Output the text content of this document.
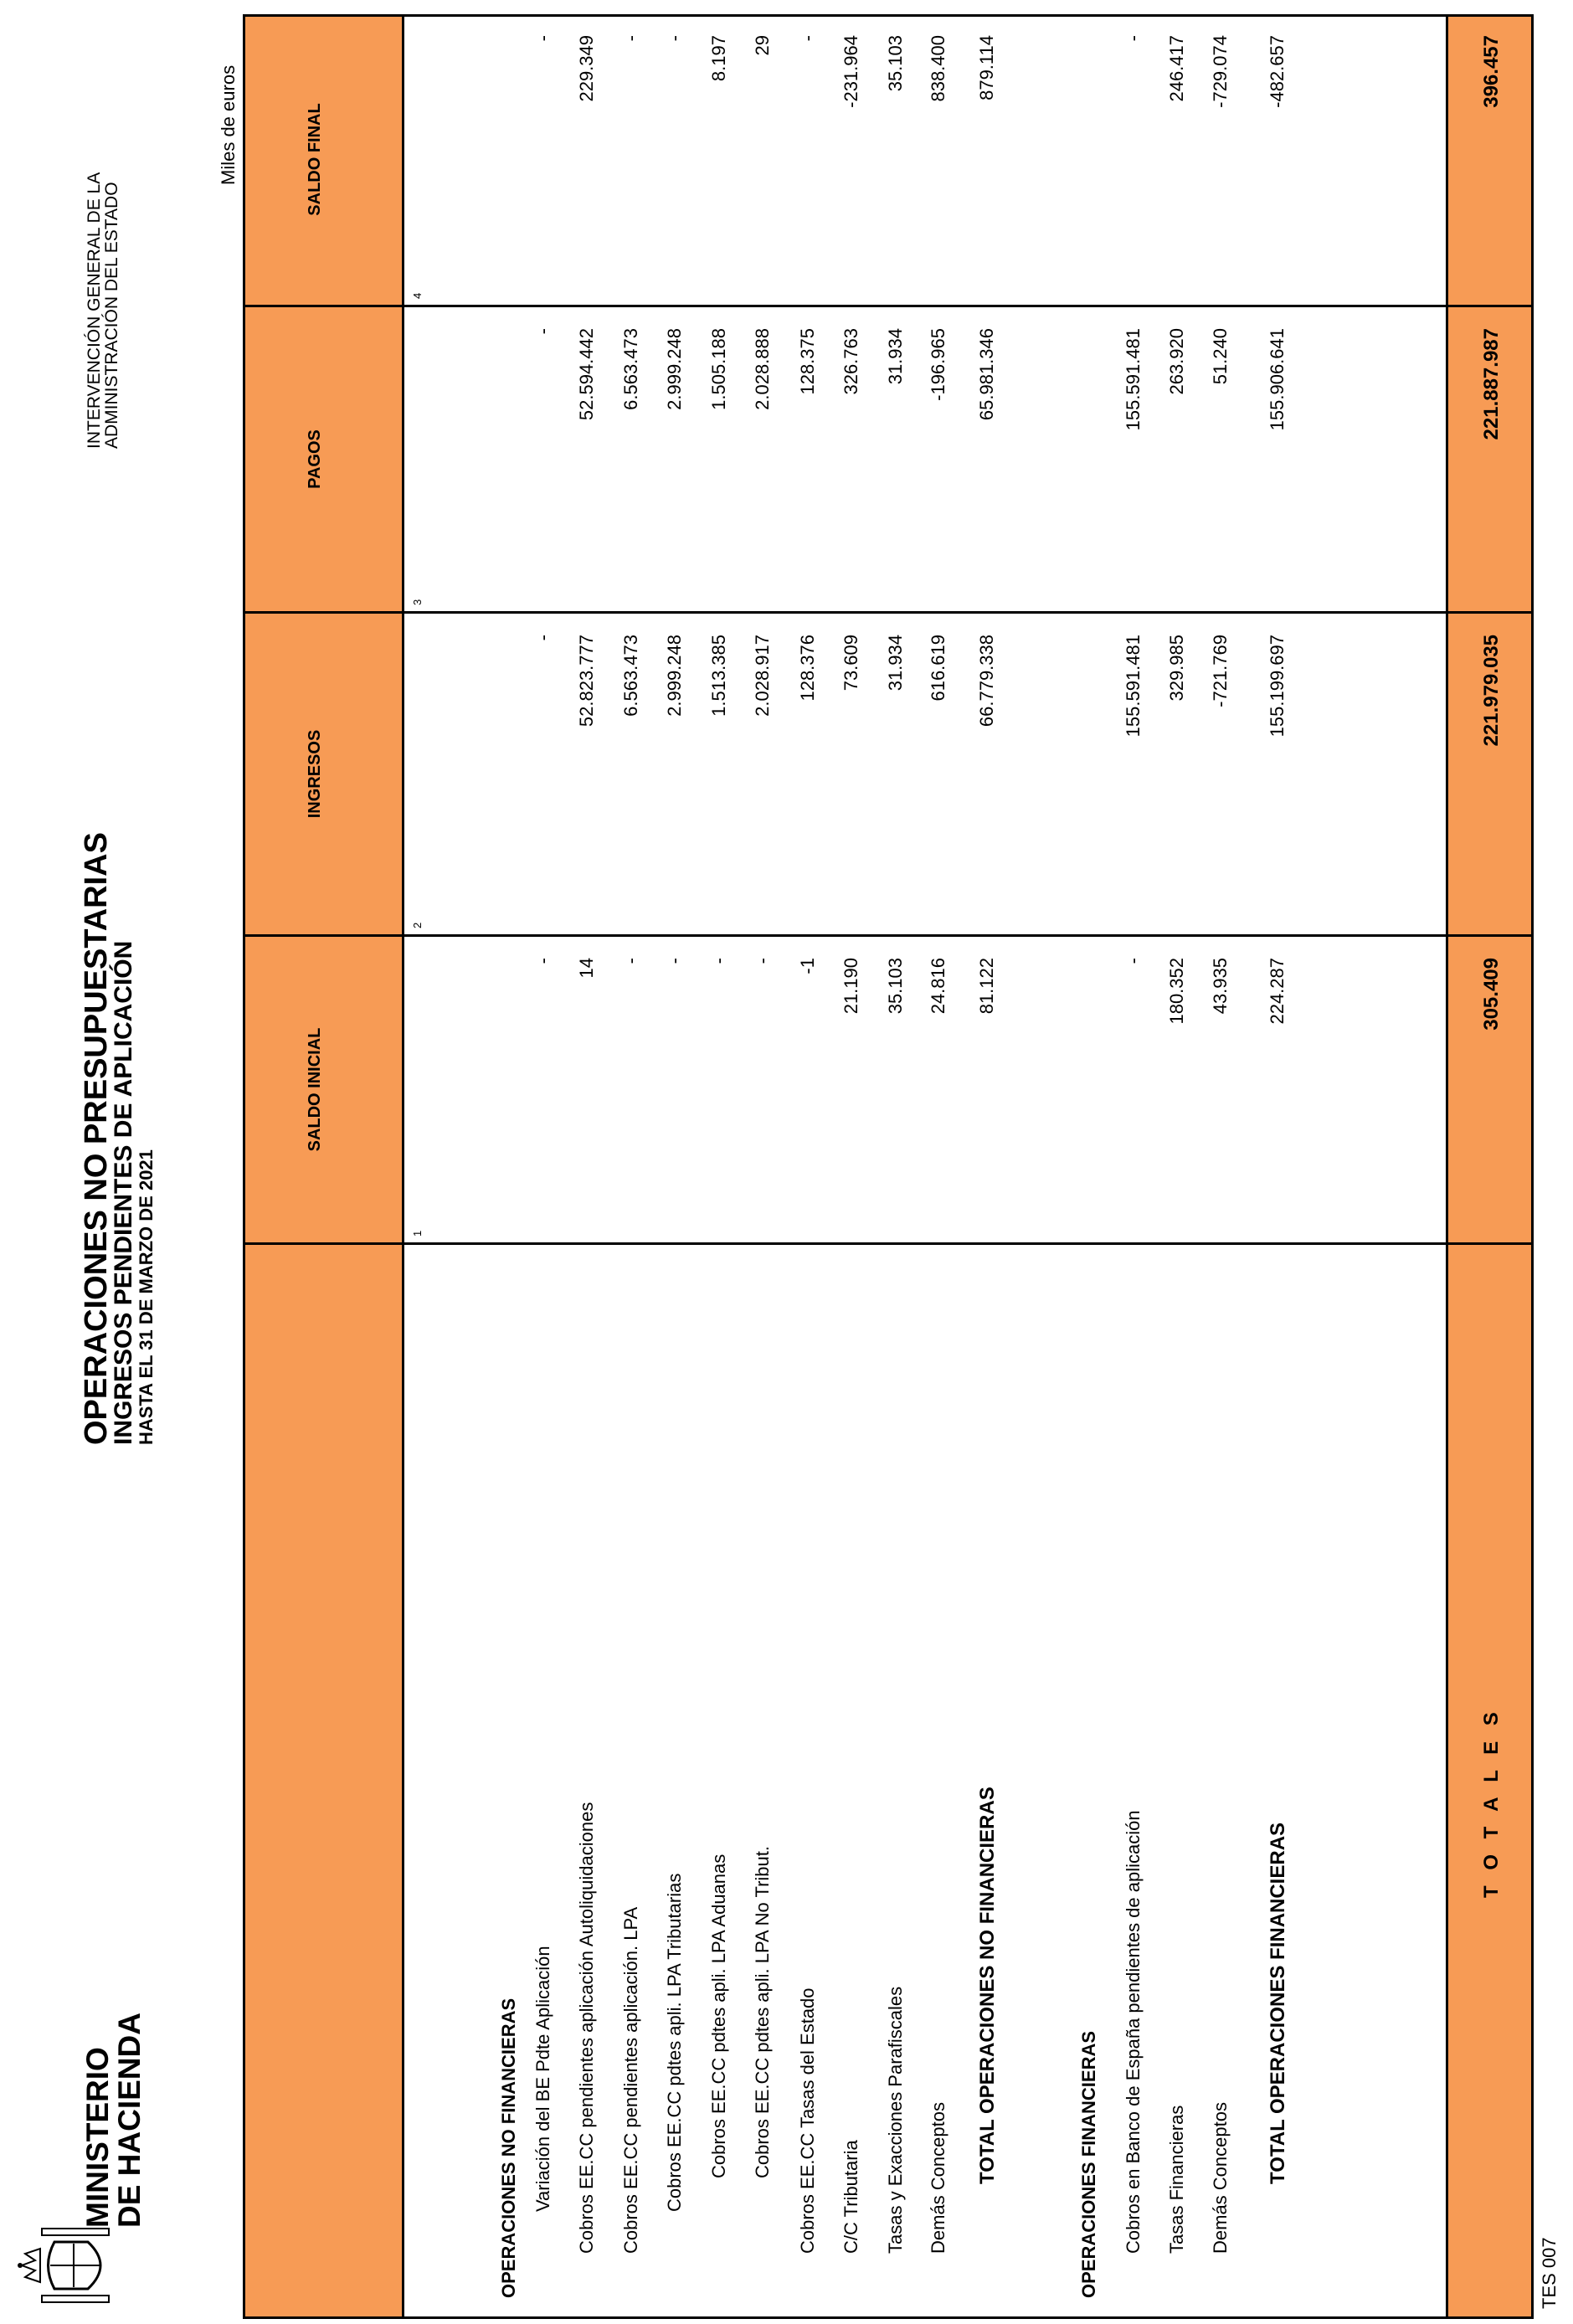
MINISTERIO
DE HACIENDA
OPERACIONES NO PRESUPUESTARIAS
INGRESOS PENDIENTES DE APLICACIÓN
HASTA EL 31 DE MARZO DE 2021
INTERVENCIÓN GENERAL DE LA
ADMINISTRACIÓN DEL ESTADO
Miles de euros
TES 007
SALDO INICIAL
INGRESOS
PAGOS
SALDO FINAL
1
2
3
4
OPERACIONES NO FINANCIERAS Variación del BE Pdte Aplicación
-
-
-
-
Cobros EE.CC pendientes aplicación Autoliquidaciones
14
52.823.777
52.594.442
229.349
Cobros EE.CC pendientes aplicación. LPA
-
6.563.473
6.563.473
-
Cobros EE.CC pdtes apli. LPA Tributarias
-
2.999.248
2.999.248
-
Cobros EE.CC pdtes apli. LPA Aduanas
-
1.513.385
1.505.188
8.197
Cobros EE.CC pdtes apli. LPA No Tribut.
-
2.028.917
2.028.888
29
Cobros EE.CC Tasas del Estado
-1
128.376
128.375
-
C/C Tributaria
21.190
73.609
326.763
-231.964
Tasas y Exacciones Parafiscales
35.103
31.934
31.934
35.103
Demás Conceptos
24.816
616.619
-196.965
838.400
TOTAL OPERACIONES NO FINANCIERAS
81.122
66.779.338
65.981.346
879.114
OPERACIONES FINANCIERAS Cobros en Banco de España pendientes de aplicación
-
155.591.481
155.591.481
-
Tasas Financieras
180.352
329.985
263.920
246.417
Demás Conceptos
43.935
-721.769
51.240
-729.074
TOTAL OPERACIONES FINANCIERAS
224.287
155.199.697
155.906.641
-482.657
T O T A L E S
305.409
221.979.035
221.887.987
396.457
